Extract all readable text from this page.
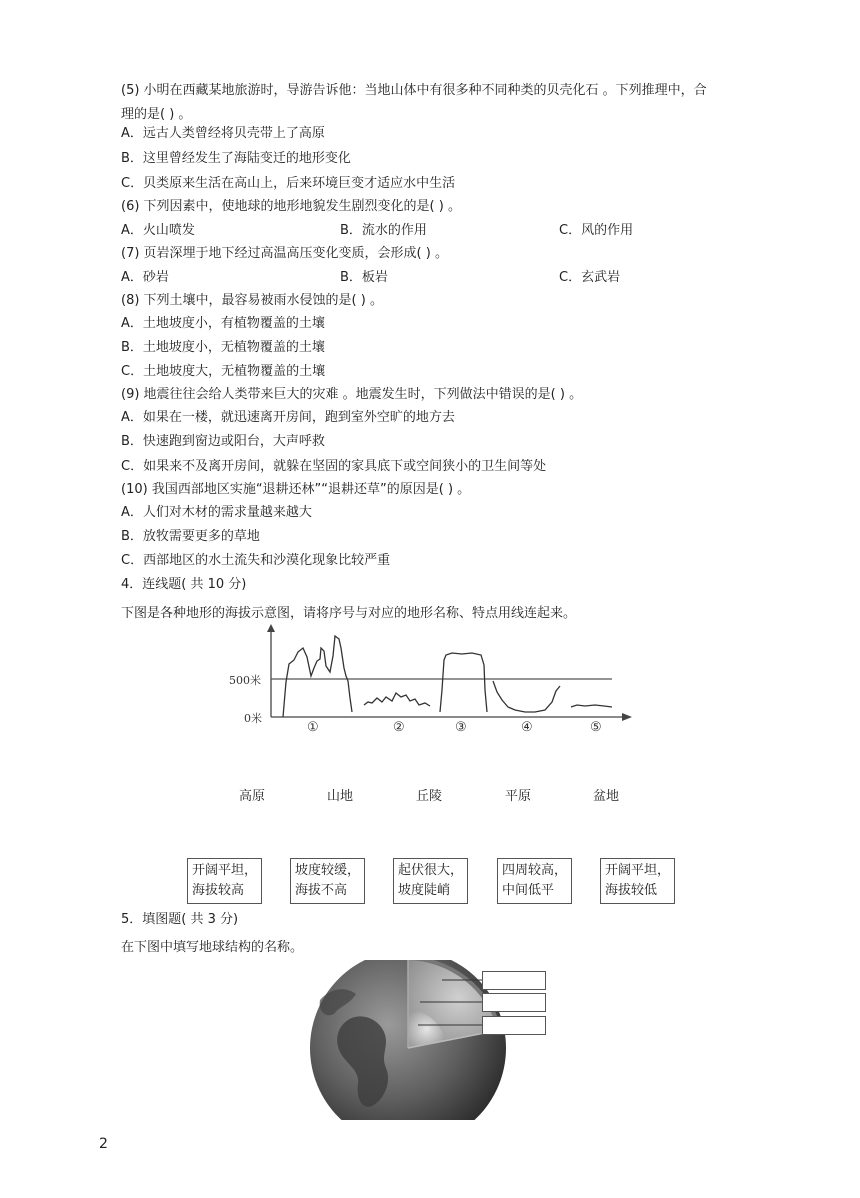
(5) 小明在西藏某地旅游时，导游告诉他：当地山体中有很多种不同种类的贝壳化石 。下列推理中，合
理的是( ) 。
A．远古人类曾经将贝壳带上了高原
B．这里曾经发生了海陆变迁的地形变化
C．贝类原来生活在高山上，后来环境巨变才适应水中生活
(6) 下列因素中，使地球的地形地貌发生剧烈变化的是( ) 。
A．火山喷发	B．流水的作用	C．风的作用
(7) 页岩深埋于地下经过高温高压变化变质，会形成( ) 。
A．砂岩	B．板岩	C．玄武岩
(8) 下列土壤中，最容易被雨水侵蚀的是( ) 。
A．土地坡度小，有植物覆盖的土壤
B．土地坡度小，无植物覆盖的土壤
C．土地坡度大，无植物覆盖的土壤
(9) 地震往往会给人类带来巨大的灾难 。地震发生时，下列做法中错误的是( ) 。
A．如果在一楼，就迅速离开房间，跑到室外空旷的地方去
B．快速跑到窗边或阳台，大声呼救
C．如果来不及离开房间，就躲在坚固的家具底下或空间狭小的卫生间等处
(10) 我国西部地区实施“退耕还林”“退耕还草”的原因是( ) 。
A．人们对木材的需求量越来越大
B．放牧需要更多的草地
C．西部地区的水土流失和沙漠化现象比较严重
4．连线题( 共 10 分)
下图是各种地形的海拔示意图，请将序号与对应的地形名称、特点用线连起来。
500米
0米
①	②	③	④	⑤
高原	山地	丘陵	平原	盆地
开阔平坦，
海拔较高
坡度较缓，
海拔不高
起伏很大，
坡度陡峭
四周较高，
中间低平
开阔平坦，
海拔较低
5．填图题( 共 3 分)
在下图中填写地球结构的名称。
2
